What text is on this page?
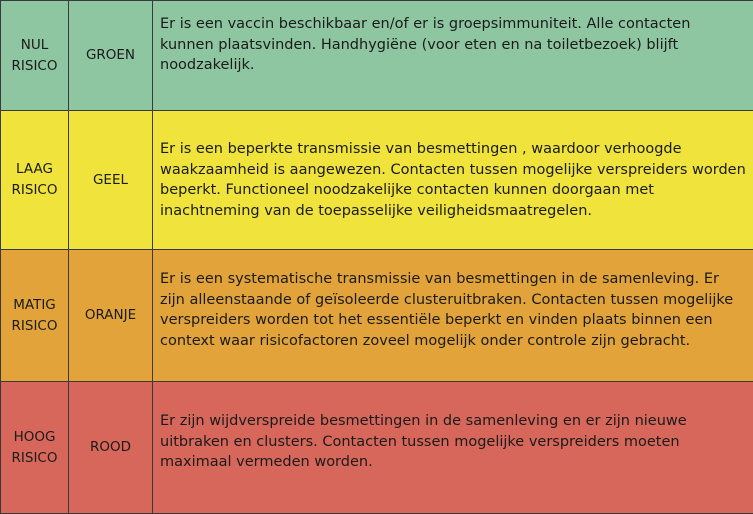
NUL
RISICO	GROEN	Er is een vaccin beschikbaar en/of er is groepsimmuniteit. Alle contacten kunnen plaatsvinden. Handhygiëne (voor eten en na toiletbezoek) blijft noodzakelijk.

LAAG
RISICO	GEEL	Er is een beperkte transmissie van besmettingen , waardoor verhoogde waakzaamheid is aangewezen. Contacten tussen mogelijke verspreiders worden beperkt. Functioneel noodzakelijke contacten kunnen doorgaan met inachtneming van de toepasselijke veiligheidsmaatregelen.

MATIG
RISICO	ORANJE	Er is een systematische transmissie van besmettingen in de samenleving. Er zijn alleenstaande of geïsoleerde clusteruitbraken. Contacten tussen mogelijke verspreiders worden tot het essentiële beperkt en vinden plaats binnen een context waar risicofactoren zoveel mogelijk onder controle zijn gebracht.

HOOG
RISICO	ROOD	Er zijn wijdverspreide besmettingen in de samenleving en er zijn nieuwe uitbraken en clusters. Contacten tussen mogelijke verspreiders moeten maximaal vermeden worden.
